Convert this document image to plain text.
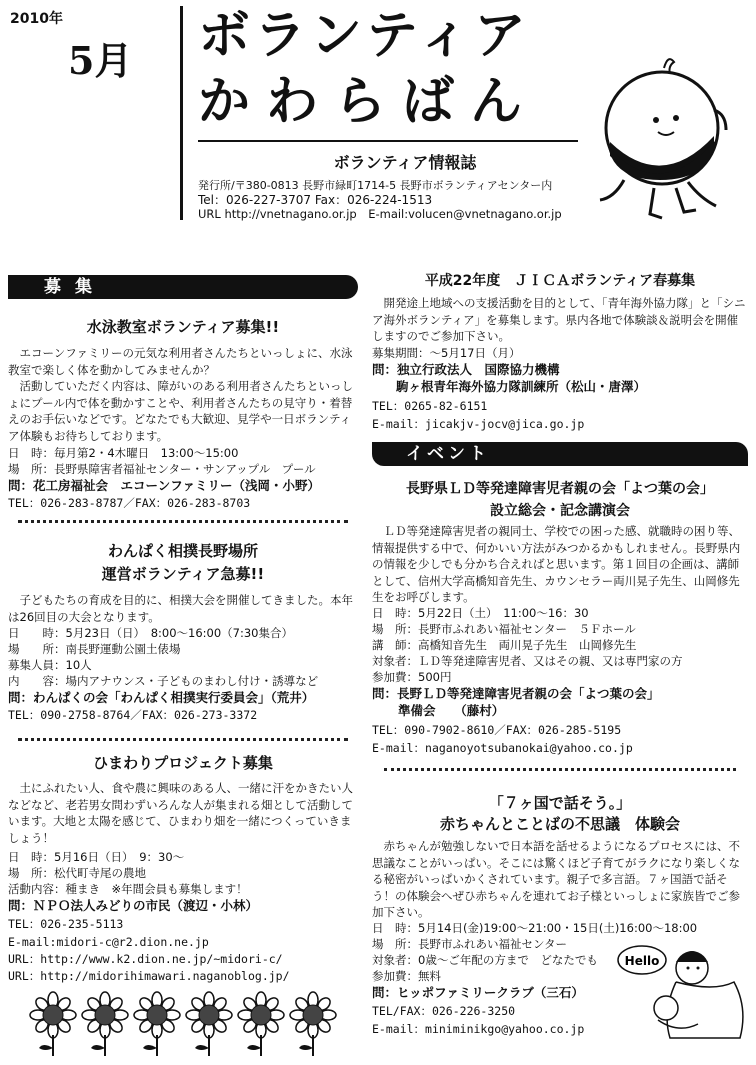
2010年
5月 ボランティア
かわらばん
ボランティア情報誌
発行所/〒380-0813 長野市緑町1714-5 長野市ボランティアセンター内
Tel：026-227-3707 Fax：026-224-1513
URL http://vnetnagano.or.jp　E-mail:volucen@vnetnagano.or.jp
募集
水泳教室ボランティア募集!!
　エコーンファミリーの元気な利用者さんたちといっしょに、水泳教室で楽しく体を動かしてみませんか？
　活動していただく内容は、障がいのある利用者さんたちといっしょにプール内で体を動かすことや、利用者さんたちの見守り・着替えのお手伝いなどです。どなたでも大歓迎、見学や一日ボランティア体験もお待ちしております。
日　時：毎月第2・4木曜日　13:00～15:00
場　所：長野県障害者福祉センター・サンアップル　プール
問：花工房福祉会　エコーンファミリー（浅岡・小野）
TEL：026-283-8787／FAX：026-283-8703
わんぱく相撲長野場所
運営ボランティア急募!!
　子どもたちの育成を目的に、相撲大会を開催してきました。本年は26回目の大会となります。
日　　時：5月23日（日）　8:00～16:00（7:30集合）
場　　所：南長野運動公園土俵場
募集人員：10人
内　　容：場内アナウンス・子どものまわし付け・誘導など
問：わんぱくの会「わんぱく相撲実行委員会」（荒井）
TEL：090-2758-8764／FAX：026-273-3372
ひまわりプロジェクト募集
　土にふれたい人、食や農に興味のある人、一緒に汗をかきたい人などなど、老若男女問わずいろんな人が集まれる畑として活動しています。大地と太陽を感じて、ひまわり畑を一緒につくっていきましょう！
日　時：5月16日（日）　9：30～
場　所：松代町寺尾の農地
活動内容：種まき　※年間会員も募集します！
問：ＮＰＯ法人みどりの市民（渡辺・小林）
TEL：026-235-5113
E-mail:midori-c@r2.dion.ne.jp
URL：http://www.k2.dion.ne.jp/~midori-c/
URL：http://midorihimawari.naganoblog.jp/
平成22年度　ＪＩＣＡボランティア春募集
　開発途上地域への支援活動を目的として、「青年海外協力隊」と「シニア海外ボランティア」を募集します。県内各地で体験談＆説明会を開催しますのでご参加下さい。
募集期間：～5月17日（月）
問：独立行政法人　国際協力機構
駒ヶ根青年海外協力隊訓練所（松山・唐澤）
TEL：0265-82-6151
E-mail：jicakjv-jocv@jica.go.jp
イベント
長野県ＬＤ等発達障害児者親の会「よつ葉の会」
設立総会・記念講演会
　ＬＤ等発達障害児者の親同士、学校での困った感、就職時の困り等、情報提供する中で、何かいい方法がみつかるかもしれません。長野県内の情報を少しでも分かち合えればと思います。第１回目の企画は、講師として、信州大学高橋知音先生、カウンセラー両川晃子先生、山岡修先生をお呼びします。
日　時：5月22日（土）　11:00～16：30
場　所：長野市ふれあい福祉センター　５Ｆホール
講　師：高橋知音先生　両川晃子先生　山岡修先生
対象者：ＬＤ等発達障害児者、又はその親、又は専門家の方
参加費：500円
問：長野ＬＤ等発達障害児者親の会「よつ葉の会」
準備会　　（藤村）
TEL：090-7902-8610／FAX：026-285-5195
E-mail：naganoyotsubanokai@yahoo.co.jp
「７ヶ国で話そう。」
赤ちゃんとことばの不思議　体験会
　赤ちゃんが勉強しないで日本語を話せるようになるプロセスには、不思議なことがいっぱい。そこには驚くほど子育てがラクになり楽しくなる秘密がいっぱいかくされています。親子で多言語。７ヶ国語で話そう！の体験会へぜひ赤ちゃんを連れてお子様といっしょに家族皆でご参加下さい。
日　時：5月14日(金)19:00～21:00・15日(土)16:00～18:00
場　所：長野市ふれあい福祉センター
対象者：0歳～ご年配の方まで　どなたでも
参加費：無料
問：ヒッポファミリークラブ（三石）
TEL/FAX：026-226-3250
E-mail：miniminikgo@yahoo.co.jp
Hello
